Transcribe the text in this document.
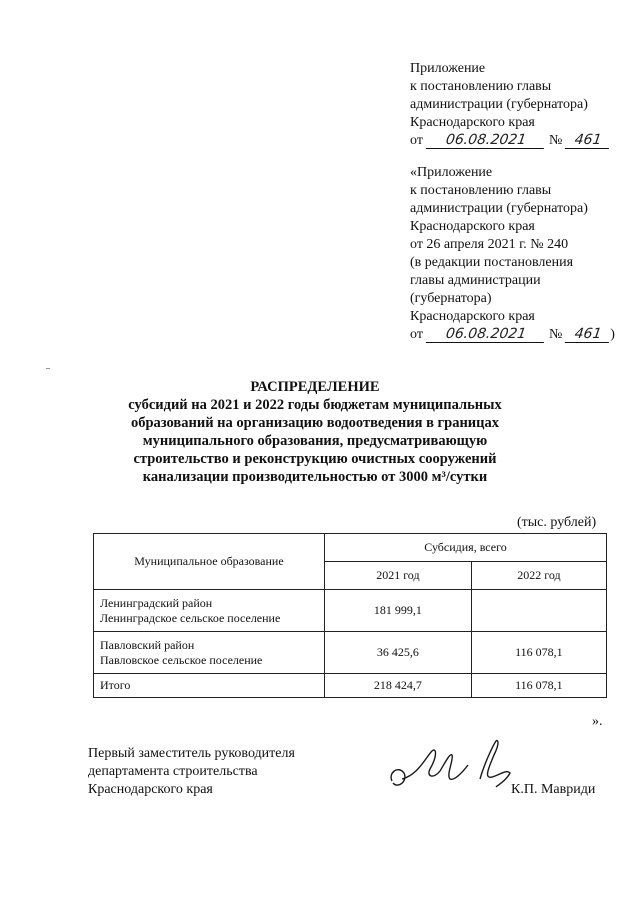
Приложение
к постановлению главы
администрации (губернатора)
Краснодарского края
от 06.08.2021 № 461
«Приложение
к постановлению главы
администрации (губернатора)
Краснодарского края
от 26 апреля 2021 г. № 240
(в редакции постановления
главы администрации
(губернатора)
Краснодарского края
от 06.08.2021 № 461 )
РАСПРЕДЕЛЕНИЕ
субсидий на 2021 и 2022 годы бюджетам муниципальных
образований на организацию водоотведения в границах
муниципального образования, предусматривающую
строительство и реконструкцию очистных сооружений
канализации производительностью от 3000 м³/сутки
(тыс. рублей)
Муниципальное образование	Субсидия, всего	
	2021 год	2022 год

Ленинградский район
Ленинградское сельское поселение	181 999,1	

Павловский район
Павловское сельское поселение	36 425,6	116 078,1
Итого	218 424,7	116 078,1
».
Первый заместитель руководителя
департамента строительства
Краснодарского края	К.П. Мавриди
